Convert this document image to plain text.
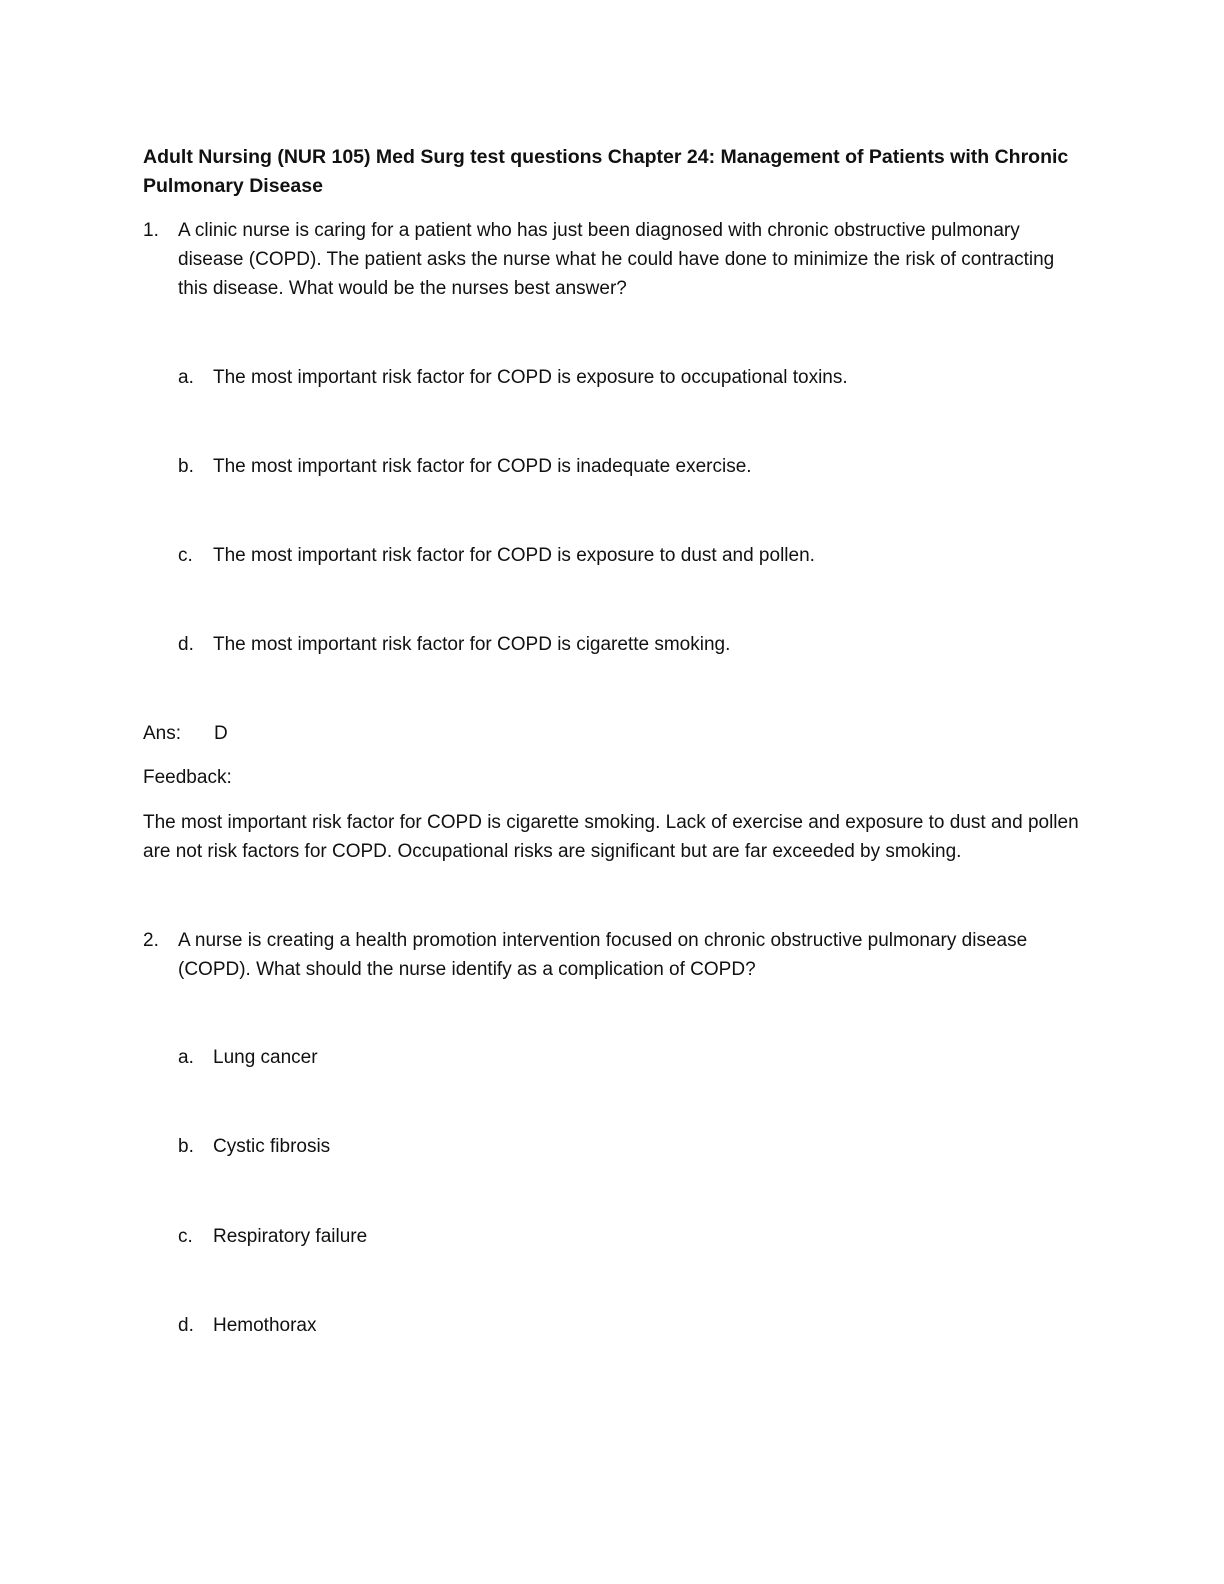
Adult Nursing (NUR 105) Med Surg test questions Chapter 24: Management of Patients with Chronic Pulmonary Disease
1. A clinic nurse is caring for a patient who has just been diagnosed with chronic obstructive pulmonary disease (COPD). The patient asks the nurse what he could have done to minimize the risk of contracting this disease. What would be the nurses best answer?
a. The most important risk factor for COPD is exposure to occupational toxins.
b. The most important risk factor for COPD is inadequate exercise.
c. The most important risk factor for COPD is exposure to dust and pollen.
d. The most important risk factor for COPD is cigarette smoking.
Ans: D
Feedback:
The most important risk factor for COPD is cigarette smoking. Lack of exercise and exposure to dust and pollen are not risk factors for COPD. Occupational risks are significant but are far exceeded by smoking.
2. A nurse is creating a health promotion intervention focused on chronic obstructive pulmonary disease (COPD). What should the nurse identify as a complication of COPD?
a. Lung cancer
b. Cystic fibrosis
c. Respiratory failure
d. Hemothorax
